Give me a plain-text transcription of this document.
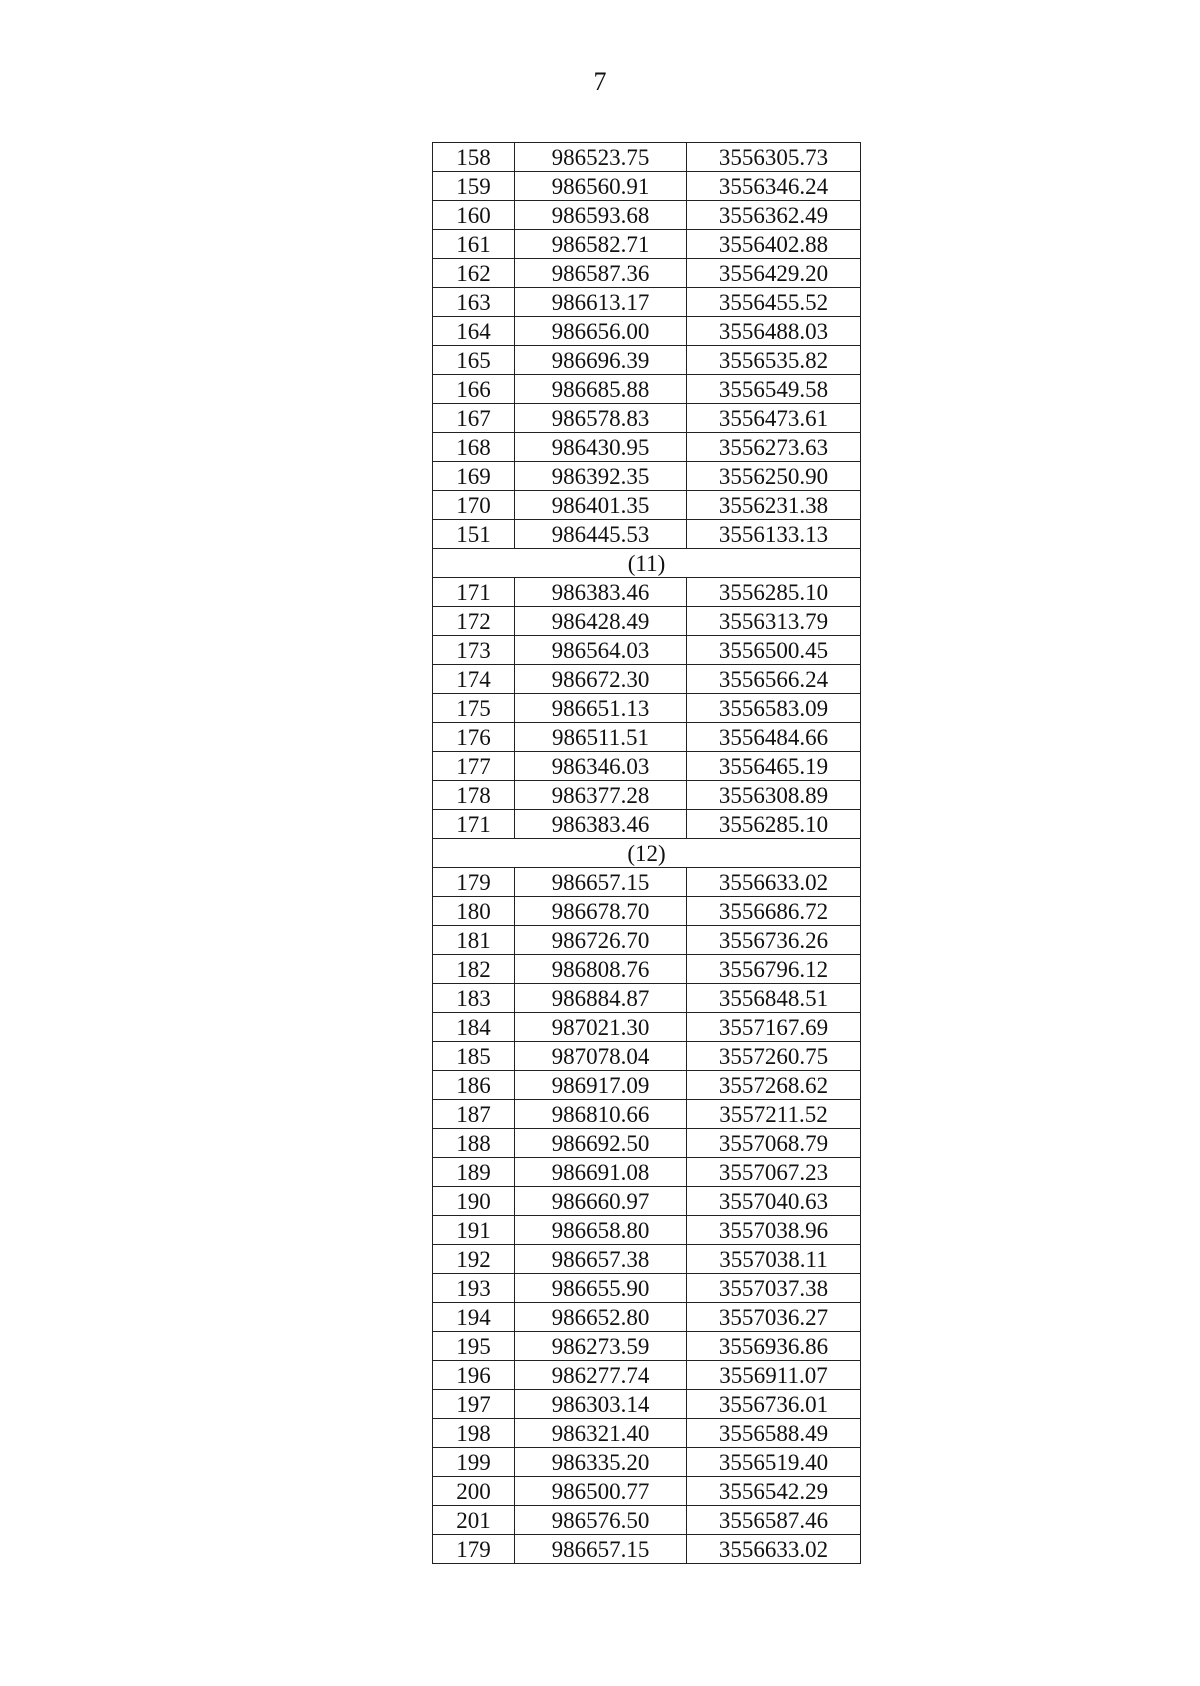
7
158	986523.75	3556305.73
159	986560.91	3556346.24
160	986593.68	3556362.49
161	986582.71	3556402.88
162	986587.36	3556429.20
163	986613.17	3556455.52
164	986656.00	3556488.03
165	986696.39	3556535.82
166	986685.88	3556549.58
167	986578.83	3556473.61
168	986430.95	3556273.63
169	986392.35	3556250.90
170	986401.35	3556231.38
151	986445.53	3556133.13
(11)		
171	986383.46	3556285.10
172	986428.49	3556313.79
173	986564.03	3556500.45
174	986672.30	3556566.24
175	986651.13	3556583.09
176	986511.51	3556484.66
177	986346.03	3556465.19
178	986377.28	3556308.89
171	986383.46	3556285.10
(12)		
179	986657.15	3556633.02
180	986678.70	3556686.72
181	986726.70	3556736.26
182	986808.76	3556796.12
183	986884.87	3556848.51
184	987021.30	3557167.69
185	987078.04	3557260.75
186	986917.09	3557268.62
187	986810.66	3557211.52
188	986692.50	3557068.79
189	986691.08	3557067.23
190	986660.97	3557040.63
191	986658.80	3557038.96
192	986657.38	3557038.11
193	986655.90	3557037.38
194	986652.80	3557036.27
195	986273.59	3556936.86
196	986277.74	3556911.07
197	986303.14	3556736.01
198	986321.40	3556588.49
199	986335.20	3556519.40
200	986500.77	3556542.29
201	986576.50	3556587.46
179	986657.15	3556633.02
